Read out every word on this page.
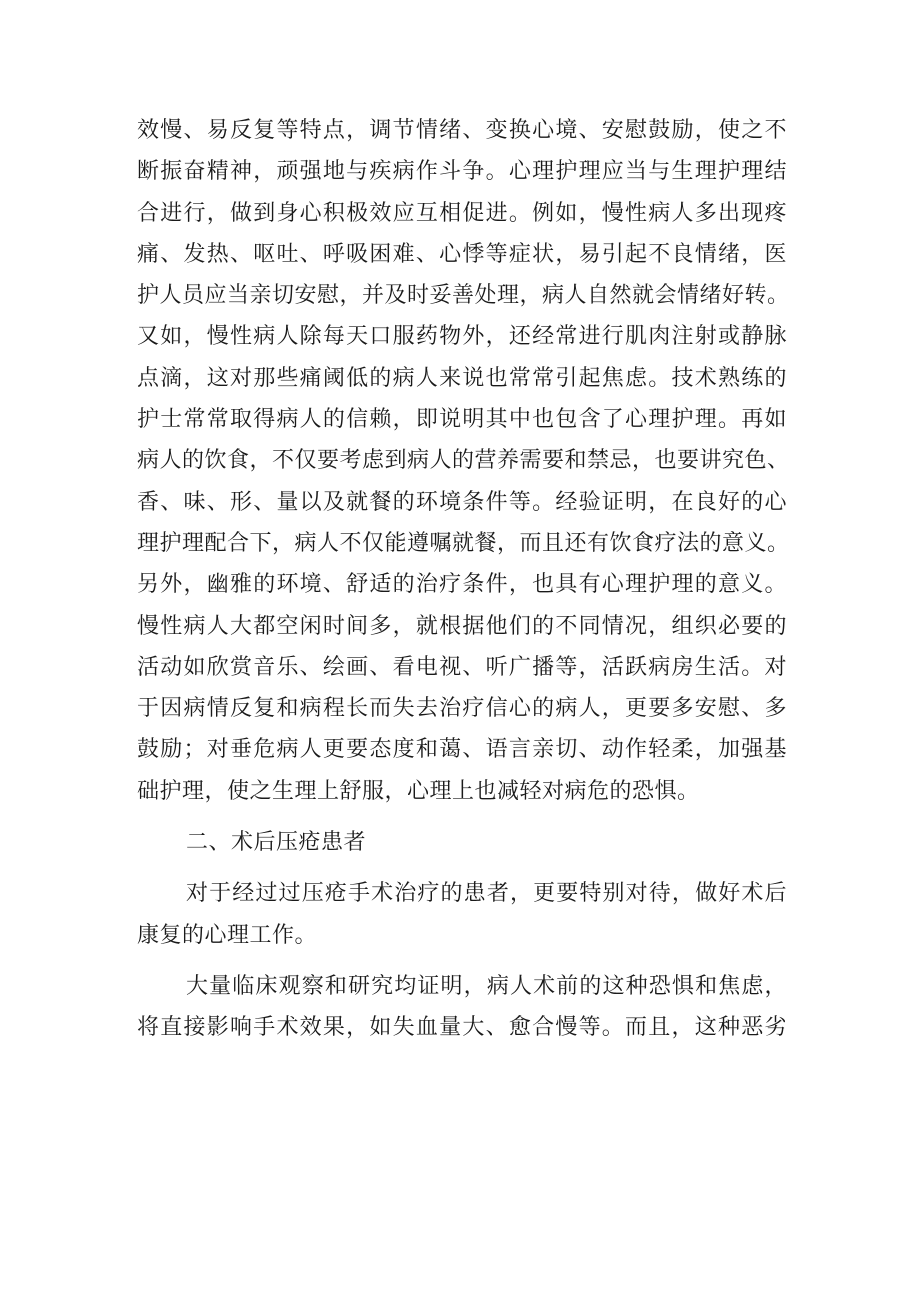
效慢、易反复等特点，调节情绪、变换心境、安慰鼓励，使之不
断振奋精神，顽强地与疾病作斗争。心理护理应当与生理护理结
合进行，做到身心积极效应互相促进。例如，慢性病人多出现疼
痛、发热、呕吐、呼吸困难、心悸等症状，易引起不良情绪，医
护人员应当亲切安慰，并及时妥善处理，病人自然就会情绪好转。
又如，慢性病人除每天口服药物外，还经常进行肌肉注射或静脉
点滴，这对那些痛阈低的病人来说也常常引起焦虑。技术熟练的
护士常常取得病人的信赖，即说明其中也包含了心理护理。再如
病人的饮食，不仅要考虑到病人的营养需要和禁忌，也要讲究色、
香、味、形、量以及就餐的环境条件等。经验证明，在良好的心
理护理配合下，病人不仅能遵嘱就餐，而且还有饮食疗法的意义。
另外，幽雅的环境、舒适的治疗条件，也具有心理护理的意义。
慢性病人大都空闲时间多，就根据他们的不同情况，组织必要的
活动如欣赏音乐、绘画、看电视、听广播等，活跃病房生活。对
于因病情反复和病程长而失去治疗信心的病人，更要多安慰、多
鼓励；对垂危病人更要态度和蔼、语言亲切、动作轻柔，加强基
础护理，使之生理上舒服，心理上也减轻对病危的恐惧。
二、术后压疮患者
对于经过过压疮手术治疗的患者，更要特别对待，做好术后
康复的心理工作。
大量临床观察和研究均证明，病人术前的这种恐惧和焦虑，
将直接影响手术效果，如失血量大、愈合慢等。而且，这种恶劣
